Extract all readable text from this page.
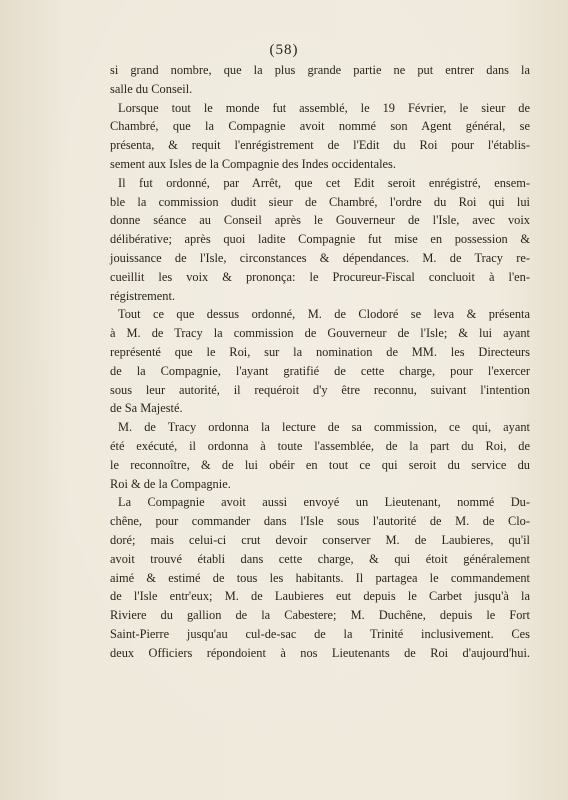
(58)
si grand nombre, que la plus grande partie ne put entrer dans la
salle du Conseil.
Lorsque tout le monde fut assemblé, le 19 Février, le sieur de
Chambré, que la Compagnie avoit nommé son Agent général, se
présenta, & requit l'enrégistrement de l'Edit du Roi pour l'établis-
sement aux Isles de la Compagnie des Indes occidentales.
Il fut ordonné, par Arrêt, que cet Edit seroit enrégistré, ensem-
ble la commission dudit sieur de Chambré, l'ordre du Roi qui lui
donne séance au Conseil après le Gouverneur de l'Isle, avec voix
délibérative; après quoi ladite Compagnie fut mise en possession &
jouissance de l'Isle, circonstances & dépendances. M. de Tracy re-
cueillit les voix & prononça: le Procureur-Fiscal concluoit à l'en-
régistrement.
Tout ce que dessus ordonné, M. de Clodoré se leva & présenta
à M. de Tracy la commission de Gouverneur de l'Isle; & lui ayant
représenté que le Roi, sur la nomination de MM. les Directeurs
de la Compagnie, l'ayant gratifié de cette charge, pour l'exercer
sous leur autorité, il requéroit d'y être reconnu, suivant l'intention
de Sa Majesté.
M. de Tracy ordonna la lecture de sa commission, ce qui, ayant
été exécuté, il ordonna à toute l'assemblée, de la part du Roi, de
le reconnoître, & de lui obéir en tout ce qui seroit du service du
Roi & de la Compagnie.
La Compagnie avoit aussi envoyé un Lieutenant, nommé Du-
chêne, pour commander dans l'Isle sous l'autorité de M. de Clo-
doré; mais celui-ci crut devoir conserver M. de Laubieres, qu'il
avoit trouvé établi dans cette charge, & qui étoit généralement
aimé & estimé de tous les habitants. Il partagea le commandement
de l'Isle entr'eux; M. de Laubieres eut depuis le Carbet jusqu'à la
Riviere du gallion de la Cabestere; M. Duchêne, depuis le Fort
Saint-Pierre jusqu'au cul-de-sac de la Trinité inclusivement. Ces
deux Officiers répondoient à nos Lieutenants de Roi d'aujourd'hui.
